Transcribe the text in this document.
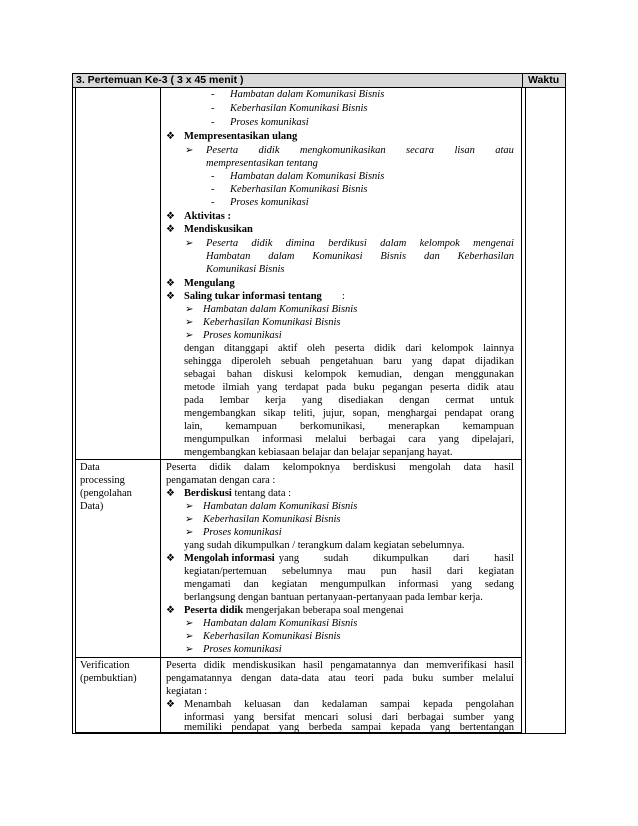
3. Pertemuan Ke-3 ( 3 x 45 menit )	Waktu
- Hambatan dalam Komunikasi Bisnis
- Keberhasilan Komunikasi Bisnis
- Proses komunikasi
❖ Mempresentasikan ulang
➢ Peserta didik mengkomunikasikan secara lisan atau
mempresentasikan tentang
- Hambatan dalam Komunikasi Bisnis
- Keberhasilan Komunikasi Bisnis
- Proses komunikasi
❖ Aktivitas :
❖ Mendiskusikan
➢ Peserta didik dimina berdikusi dalam kelompok mengenai
Hambatan dalam Komunikasi Bisnis dan Keberhasilan
Komunikasi Bisnis
❖ Mengulang
❖ Saling tukar informasi tentang :
➢ Hambatan dalam Komunikasi Bisnis
➢ Keberhasilan Komunikasi Bisnis
➢ Proses komunikasi
dengan ditanggapi aktif oleh peserta didik dari kelompok lainnya
sehingga diperoleh sebuah pengetahuan baru yang dapat dijadikan
sebagai bahan diskusi kelompok kemudian, dengan menggunakan
metode ilmiah yang terdapat pada buku pegangan peserta didik atau
pada lembar kerja yang disediakan dengan cermat untuk
mengembangkan sikap teliti, jujur, sopan, menghargai pendapat orang
lain, kemampuan berkomunikasi, menerapkan kemampuan
mengumpulkan informasi melalui berbagai cara yang dipelajari,
mengembangkan kebiasaan belajar dan belajar sepanjang hayat.
Data
processing
(pengolahan
Data)
Peserta didik dalam kelompoknya berdiskusi mengolah data hasil
pengamatan dengan cara :
❖ Berdiskusi tentang data :
➢ Hambatan dalam Komunikasi Bisnis
➢ Keberhasilan Komunikasi Bisnis
➢ Proses komunikasi
yang sudah dikumpulkan / terangkum dalam kegiatan sebelumnya.
❖ Mengolah informasi yang sudah dikumpulkan dari hasil
kegiatan/pertemuan sebelumnya mau pun hasil dari kegiatan
mengamati dan kegiatan mengumpulkan informasi yang sedang
berlangsung dengan bantuan pertanyaan-pertanyaan pada lembar kerja.
❖ Peserta didik mengerjakan beberapa soal mengenai
➢ Hambatan dalam Komunikasi Bisnis
➢ Keberhasilan Komunikasi Bisnis
➢ Proses komunikasi
Verification
(pembuktian)
Peserta didik mendiskusikan hasil pengamatannya dan memverifikasi hasil
pengamatannya dengan data-data atau teori pada buku sumber melalui
kegiatan :
❖ Menambah keluasan dan kedalaman sampai kepada pengolahan
informasi yang bersifat mencari solusi dari berbagai sumber yang
memiliki pendapat yang berbeda sampai kepada yang bertentangan
